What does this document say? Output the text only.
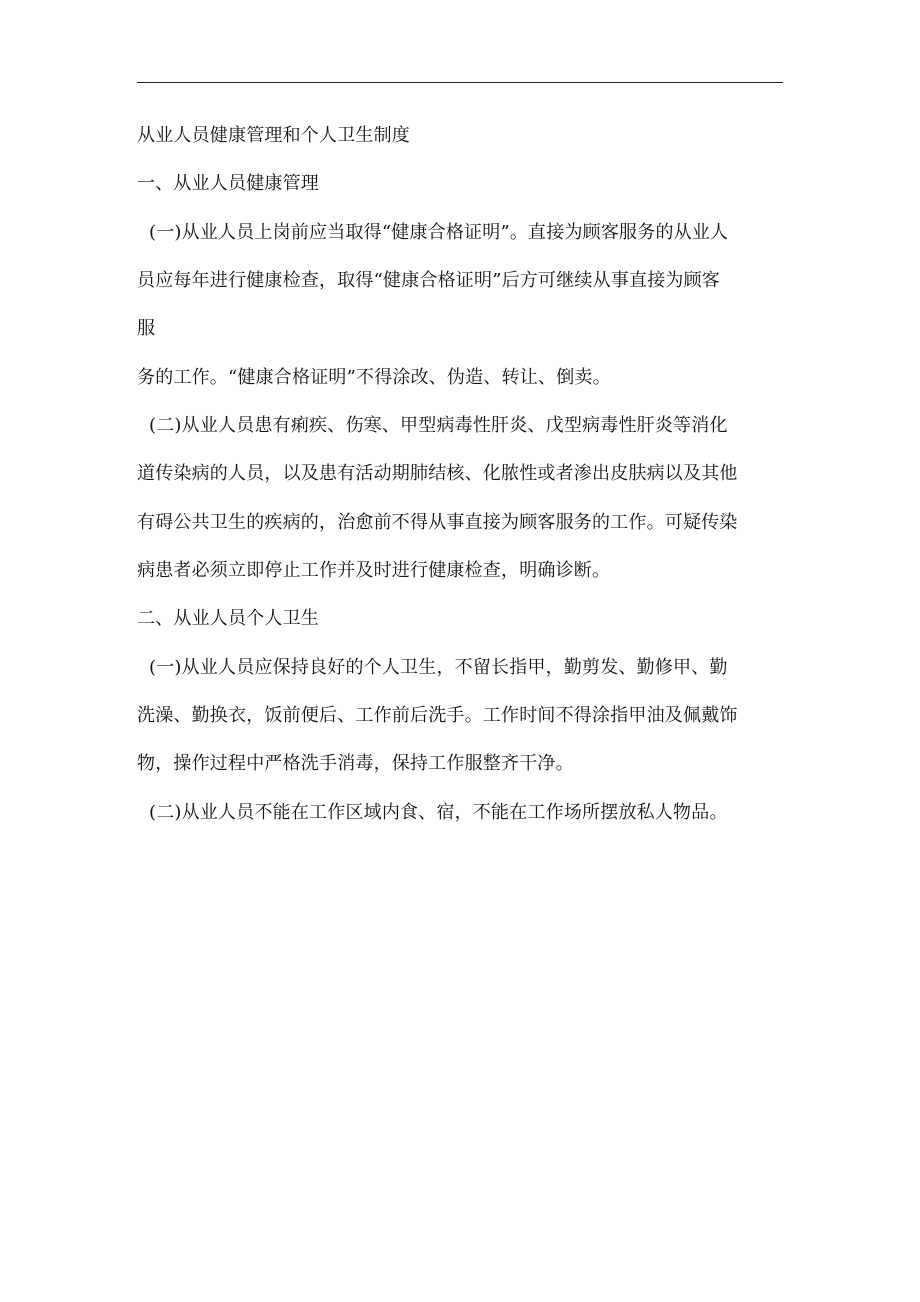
从业人员健康管理和个人卫生制度
一、从业人员健康管理
(一)从业人员上岗前应当取得“健康合格证明”。直接为顾客服务的从业人
员应每年进行健康检查，取得“健康合格证明”后方可继续从事直接为顾客
服
务的工作。“健康合格证明”不得涂改、伪造、转让、倒卖。
(二)从业人员患有痢疾、伤寒、甲型病毒性肝炎、戊型病毒性肝炎等消化
道传染病的人员，以及患有活动期肺结核、化脓性或者渗出皮肤病以及其他
有碍公共卫生的疾病的，治愈前不得从事直接为顾客服务的工作。可疑传染
病患者必须立即停止工作并及时进行健康检查，明确诊断。
二、从业人员个人卫生
(一)从业人员应保持良好的个人卫生，不留长指甲，勤剪发、勤修甲、勤
洗澡、勤换衣，饭前便后、工作前后洗手。工作时间不得涂指甲油及佩戴饰
物，操作过程中严格洗手消毒，保持工作服整齐干净。
(二)从业人员不能在工作区域内食、宿，不能在工作场所摆放私人物品。
